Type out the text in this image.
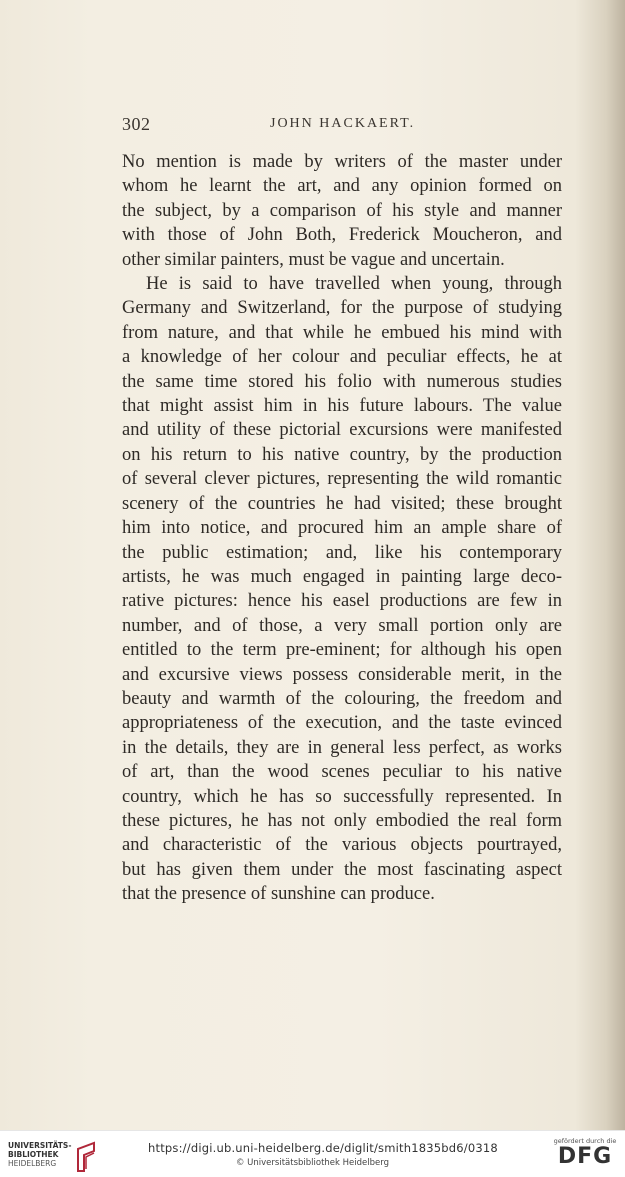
302	JOHN HACKAERT.

No mention is made by writers of the master under
whom he learnt the art, and any opinion formed on
the subject, by a comparison of his style and manner
with those of John Both, Frederick Moucheron, and
other similar painters, must be vague and uncertain.

He is said to have travelled when young, through
Germany and Switzerland, for the purpose of studying
from nature, and that while he embued his mind with
a knowledge of her colour and peculiar effects, he at
the same time stored his folio with numerous studies
that might assist him in his future labours. The value
and utility of these pictorial excursions were manifested
on his return to his native country, by the production
of several clever pictures, representing the wild romantic
scenery of the countries he had visited; these brought
him into notice, and procured him an ample share of
the public estimation; and, like his contemporary
artists, he was much engaged in painting large deco-
rative pictures: hence his easel productions are few in
number, and of those, a very small portion only are
entitled to the term pre-eminent; for although his open
and excursive views possess considerable merit, in the
beauty and warmth of the colouring, the freedom and
appropriateness of the execution, and the taste evinced
in the details, they are in general less perfect, as works
of art, than the wood scenes peculiar to his native
country, which he has so successfully represented. In
these pictures, he has not only embodied the real form
and characteristic of the various objects pourtrayed,
but has given them under the most fascinating aspect
that the presence of sunshine can produce.

UNIVERSITÄTS-
BIBLIOTHEK
HEIDELBERG
https://digi.ub.uni-heidelberg.de/diglit/smith1835bd6/0318
© Universitätsbibliothek Heidelberg
gefördert durch die
DFG
